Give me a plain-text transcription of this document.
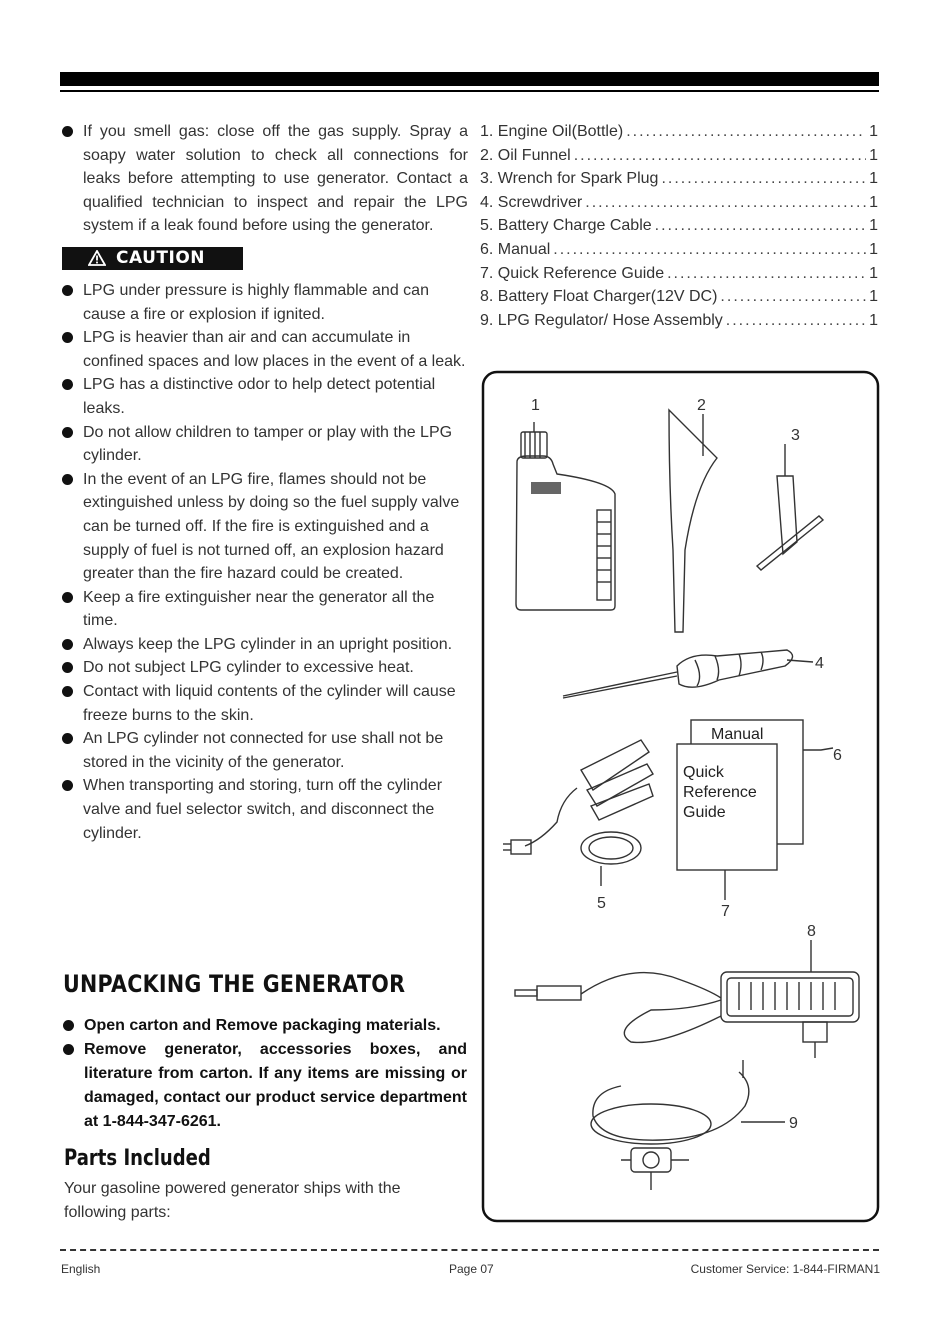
If you smell gas: close off the gas supply. Spray a soapy water solution to check all connections for leaks before attempting to use generator. Contact a qualified technician to inspect and repair the LPG system if a leak found before using the generator.
CAUTION
LPG under pressure is highly flammable and can cause a fire or explosion if ignited.
LPG is heavier than air and can accumulate in confined spaces and low places in the event of a leak.
LPG has a distinctive odor to help detect potential leaks.
Do not allow children to tamper or play with the LPG cylinder.
In the event of an LPG fire, flames should not be extinguished unless by doing so the fuel supply valve can be turned off. If the fire is extinguished and a supply of fuel is not turned off, an explosion hazard greater than the fire hazard could be created.
Keep a fire extinguisher near the generator all the time.
Always keep the LPG cylinder in an upright position.
Do not subject LPG cylinder to excessive heat.
Contact with liquid contents of the cylinder will cause freeze burns to the skin.
An LPG cylinder not connected for use shall not be stored in the vicinity of the generator.
When transporting and storing, turn off the cylinder valve and fuel selector switch, and disconnect the cylinder.
UNPACKING THE GENERATOR
Open carton and Remove packaging materials.
Remove generator, accessories boxes, and literature from carton. If any items are missing or damaged, contact our product service department at 1-844-347-6261.
Parts Included
Your gasoline powered generator ships with the following parts:
1. Engine Oil(Bottle) .....	1
2. Oil Funnel .....	1
3. Wrench for Spark Plug .....	1
4. Screwdriver .....	1
5. Battery Charge Cable .....	1
6. Manual .....	1
7. Quick Reference Guide .....	1
8. Battery Float Charger(12V DC) .....	1
9. LPG Regulator/ Hose Assembly .....	1
1	2
3
4
5
Manual
Quick
Reference
Guide
6
7
8
9
English	Page 07	Customer Service: 1-844-FIRMAN1
